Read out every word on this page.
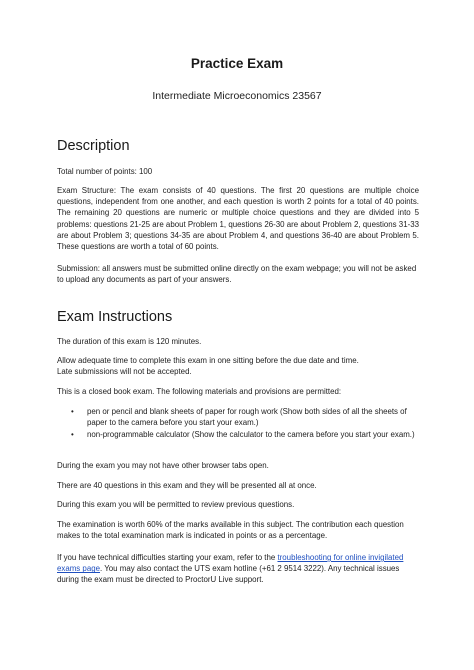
Practice Exam
Intermediate Microeconomics 23567
Description
Total number of points: 100
Exam Structure: The exam consists of 40 questions. The first 20 questions are multiple choice questions, independent from one another, and each question is worth 2 points for a total of 40 points. The remaining 20 questions are numeric or multiple choice questions and they are divided into 5 problems: questions 21-25 are about Problem 1, questions 26-30 are about Problem 2, questions 31-33 are about Problem 3; questions 34-35 are about Problem 4, and questions 36-40 are about Problem 5. These questions are worth a total of 60 points.
Submission: all answers must be submitted online directly on the exam webpage; you will not be asked to upload any documents as part of your answers.
Exam Instructions
The duration of this exam is 120 minutes.
Allow adequate time to complete this exam in one sitting before the due date and time.
Late submissions will not be accepted.
This is a closed book exam. The following materials and provisions are permitted:
• pen or pencil and blank sheets of paper for rough work (Show both sides of all the sheets of paper to the camera before you start your exam.)
• non-programmable calculator (Show the calculator to the camera before you start your exam.)
During the exam you may not have other browser tabs open.
There are 40 questions in this exam and they will be presented all at once.
During this exam you will be permitted to review previous questions.
The examination is worth 60% of the marks available in this subject. The contribution each question makes to the total examination mark is indicated in points or as a percentage.
If you have technical difficulties starting your exam, refer to the troubleshooting for online invigilated exams page. You may also contact the UTS exam hotline (+61 2 9514 3222). Any technical issues during the exam must be directed to ProctorU Live support.
